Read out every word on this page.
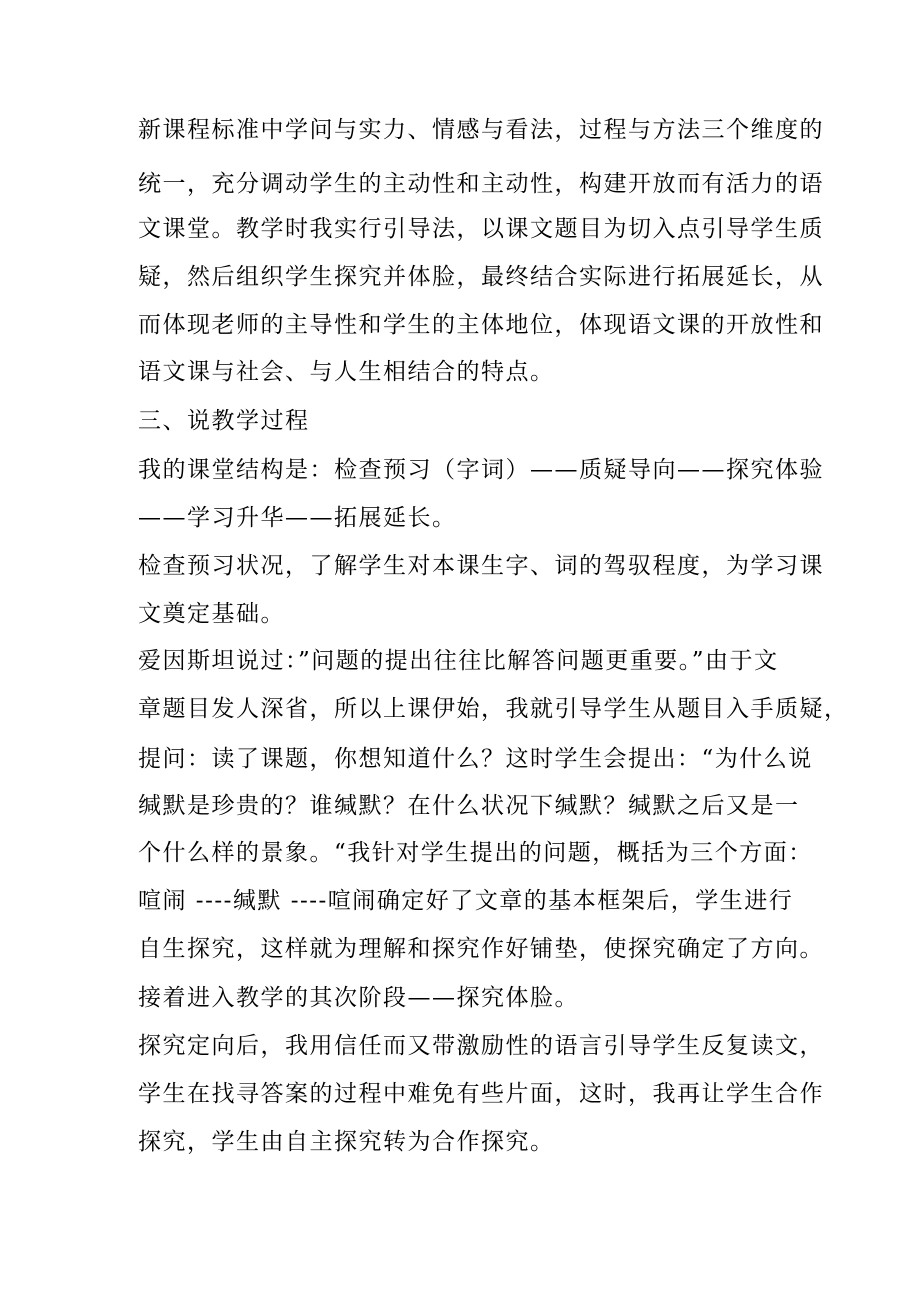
新课程标准中学问与实力、情感与看法，过程与方法三个维度的
统一，充分调动学生的主动性和主动性，构建开放而有活力的语
文课堂。教学时我实行引导法，以课文题目为切入点引导学生质
疑，然后组织学生探究并体脸，最终结合实际进行拓展延长，从
而体现老师的主导性和学生的主体地位，体现语文课的开放性和
语文课与社会、与人生相结合的特点。
三、说教学过程
我的课堂结构是：检查预习（字词）——质疑导向——探究体验
——学习升华——拓展延长。
检查预习状况，了解学生对本课生字、词的驾驭程度，为学习课
文奠定基础。
爱因斯坦说过：”问题的提出往往比解答问题更重要。”由于文
章题目发人深省，所以上课伊始，我就引导学生从题目入手质疑，
提问：读了课题，你想知道什么？这时学生会提出：“为什么说
缄默是珍贵的？谁缄默？在什么状况下缄默？缄默之后又是一
个什么样的景象。“我针对学生提出的问题，概括为三个方面：
喧闹 ----缄默 ----喧闹确定好了文章的基本框架后，学生进行
自生探究，这样就为理解和探究作好铺垫，使探究确定了方向。
接着进入教学的其次阶段——探究体脸。
探究定向后，我用信任而又带激励性的语言引导学生反复读文，
学生在找寻答案的过程中难免有些片面，这时，我再让学生合作
探究，学生由自主探究转为合作探究。
